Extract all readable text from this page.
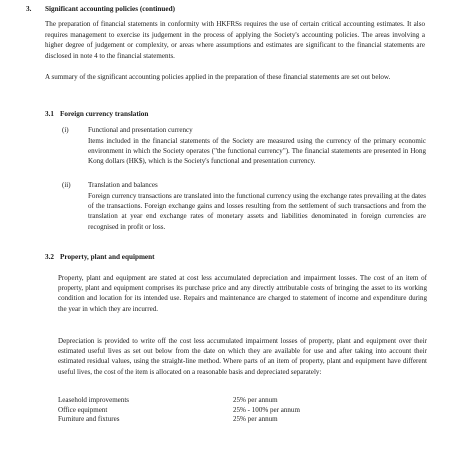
3. Significant accounting policies (continued)

The preparation of financial statements in conformity with HKFRSs requires the use of certain critical accounting estimates. It also requires management to exercise its judgement in the process of applying the Society's accounting policies. The areas involving a higher degree of judgement or complexity, or areas where assumptions and estimates are significant to the financial statements are disclosed in note 4 to the financial statements.

A summary of the significant accounting policies applied in the preparation of these financial statements are set out below.

3.1 Foreign currency translation
(i)	Functional and presentation currency

Items included in the financial statements of the Society are measured using the currency of the primary economic environment in which the Society operates ("the functional currency"). The financial statements are presented in Hong Kong dollars (HK$), which is the Society's functional and presentation currency.

(ii) Translation and balances

Foreign currency transactions are translated into the functional currency using the exchange rates prevailing at the dates of the transactions. Foreign exchange gains and losses resulting from the settlement of such transactions and from the translation at year end exchange rates of monetary assets and liabilities denominated in foreign currencies are recognised in profit or loss.

3.2 Property, plant and equipment

Property, plant and equipment are stated at cost less accumulated depreciation and impairment losses. The cost of an item of property, plant and equipment comprises its purchase price and any directly attributable costs of bringing the asset to its working condition and location for its intended use. Repairs and maintenance are charged to statement of income and expenditure during the year in which they are incurred.

Depreciation is provided to write off the cost less accumulated impairment losses of property, plant and equipment over their estimated useful lives as set out below from the date on which they are available for use and after taking into account their estimated residual values, using the straight-line method. Where parts of an item of property, plant and equipment have different useful lives, the cost of the item is allocated on a reasonable basis and depreciated separately:

Leasehold improvements	25% per annum
Office equipment	25% - 100% per annum
Furniture and fixtures	25% per annum
